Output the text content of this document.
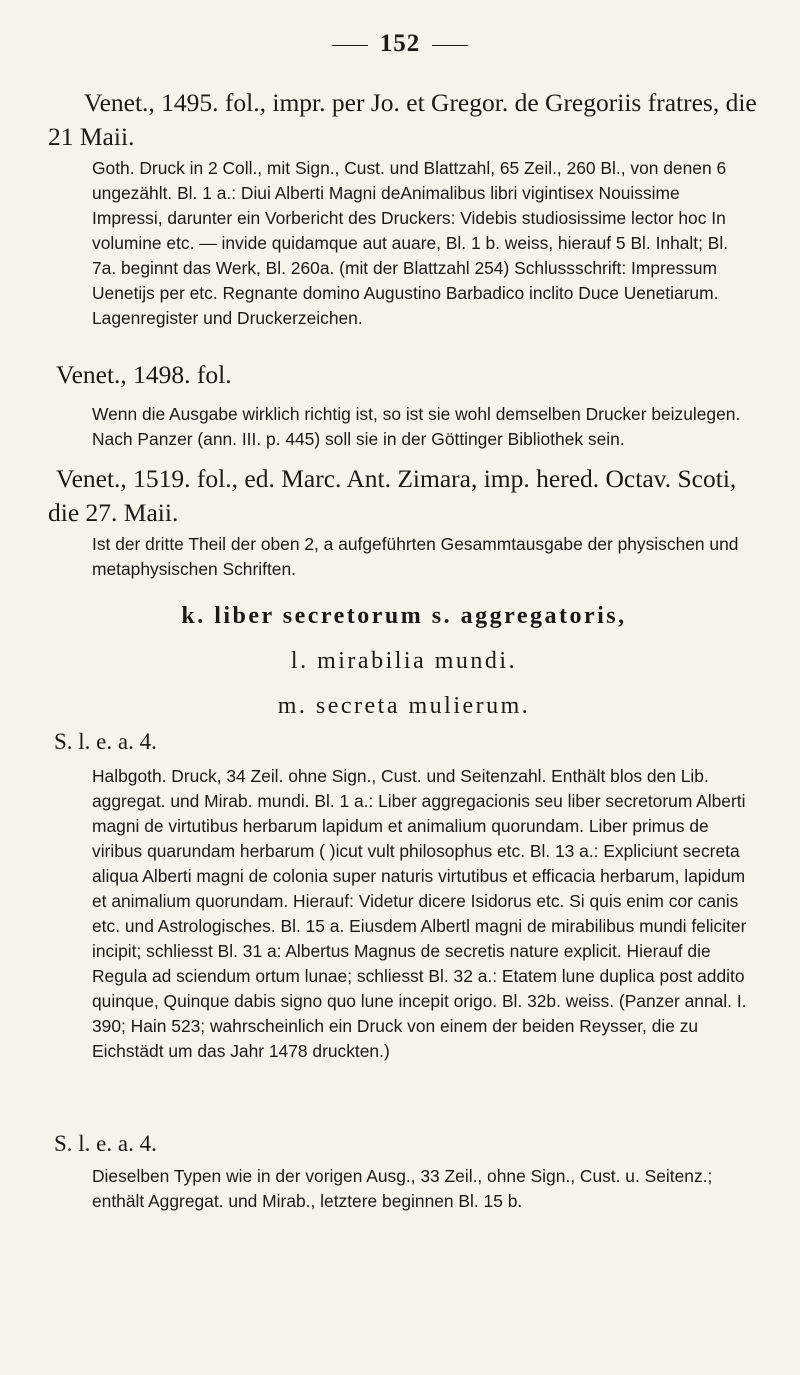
152
Venet., 1495. fol., impr. per Jo. et Gregor. de Gregoriis fratres, die 21 Maii.
Goth. Druck in 2 Coll., mit Sign., Cust. und Blattzahl, 65 Zeil., 260 Bl., von denen 6 ungezählt. Bl. 1 a.: Diui Alberti Magni deAnimalibus libri vigintisex Nouissime Impressi, darunter ein Vorbericht des Druckers: Videbis studiosissime lector hoc In volumine etc. — invide quidamque aut auare, Bl. 1 b. weiss, hierauf 5 Bl. Inhalt; Bl. 7a. beginnt das Werk, Bl. 260a. (mit der Blattzahl 254) Schlussschrift: Impressum Uenetijs per etc. Regnante domino Augustino Barbadico inclito Duce Uenetiarum. Lagenregister und Druckerzeichen.
Venet., 1498. fol.
Wenn die Ausgabe wirklich richtig ist, so ist sie wohl demselben Drucker beizulegen. Nach Panzer (ann. III. p. 445) soll sie in der Göttinger Bibliothek sein.
Venet., 1519. fol., ed. Marc. Ant. Zimara, imp. hered. Octav. Scoti, die 27. Maii.
Ist der dritte Theil der oben 2, a aufgeführten Gesammtausgabe der physischen und metaphysischen Schriften.
k. liber secretorum s. aggregatoris,
l. mirabilia mundi.
m. secreta mulierum.
S. l. e. a. 4.
Halbgoth. Druck, 34 Zeil. ohne Sign., Cust. und Seitenzahl. Enthält blos den Lib. aggregat. und Mirab. mundi. Bl. 1 a.: Liber aggregacionis seu liber secretorum Alberti magni de virtutibus herbarum lapidum et animalium quorundam. Liber primus de viribus quarundam herbarum ( )icut vult philosophus etc. Bl. 13 a.: Expliciunt secreta aliqua Alberti magni de colonia super naturis virtutibus et efficacia herbarum, lapidum et animalium quorundam. Hierauf: Videtur dicere Isidorus etc. Si quis enim cor canis etc. und Astrologisches. Bl. 15 a. Eiusdem Albertl magni de mirabilibus mundi feliciter incipit; schliesst Bl. 31 a: Albertus Magnus de secretis nature explicit. Hierauf die Regula ad sciendum ortum lunae; schliesst Bl. 32 a.: Etatem lune duplica post addito quinque, Quinque dabis signo quo lune incepit origo. Bl. 32b. weiss. (Panzer annal. I. 390; Hain 523; wahrscheinlich ein Druck von einem der beiden Reysser, die zu Eichstädt um das Jahr 1478 druckten.)
S. l. e. a. 4.
Dieselben Typen wie in der vorigen Ausg., 33 Zeil., ohne Sign., Cust. u. Seitenz.; enthält Aggregat. und Mirab., letztere beginnen Bl. 15 b.
